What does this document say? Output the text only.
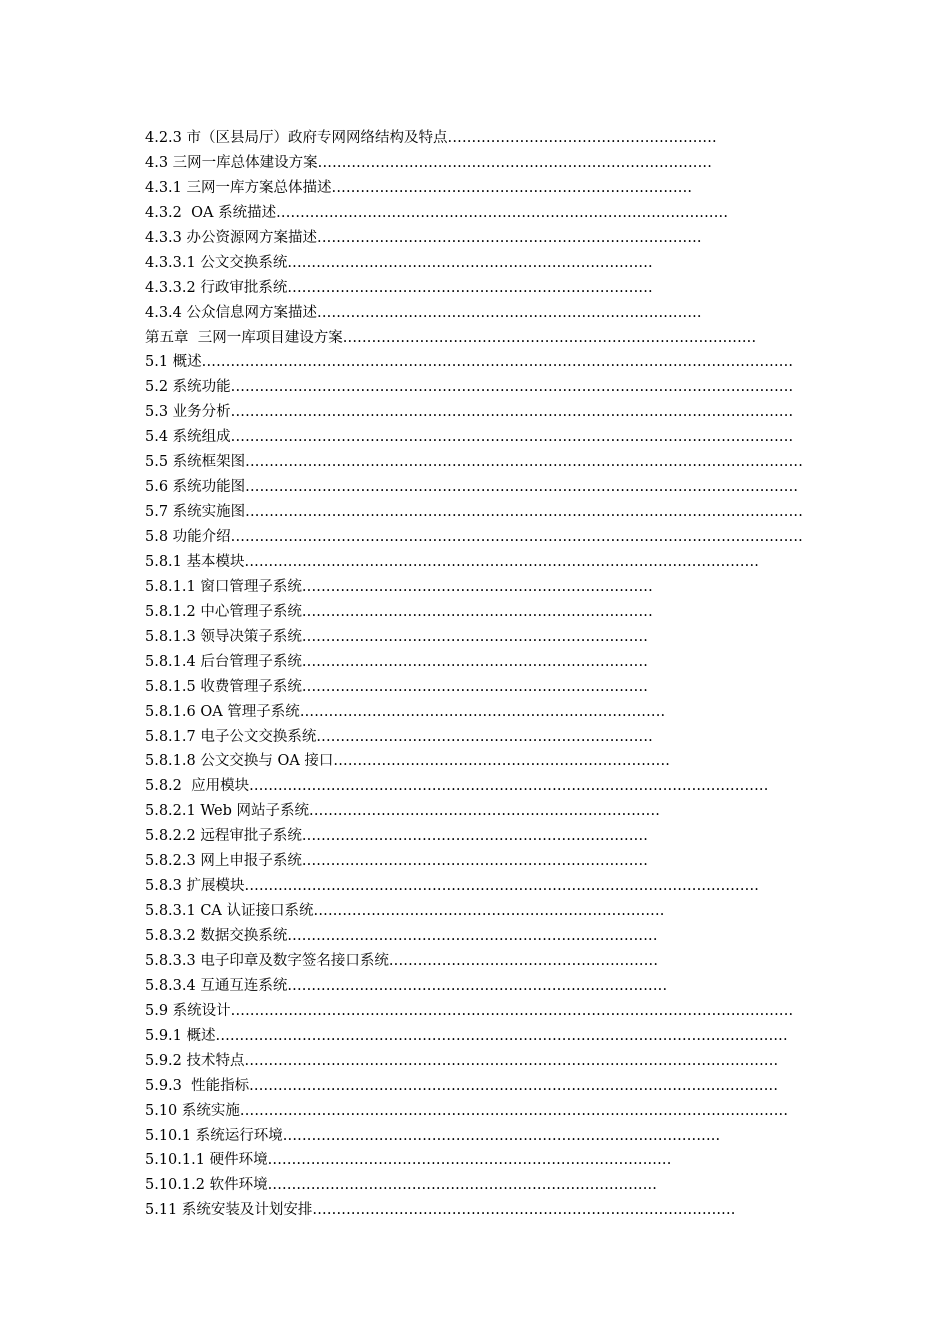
4.2.3 市（区县局厅）政府专网网络结构及特点........................................................
4.3 三网一库总体建设方案..................................................................................
4.3.1 三网一库方案总体描述...........................................................................
4.3.2  OA 系统描述..............................................................................................
4.3.3 办公资源网方案描述................................................................................
4.3.3.1 公文交换系统............................................................................
4.3.3.2 行政审批系统............................................................................
4.3.4 公众信息网方案描述................................................................................
第五章  三网一库项目建设方案......................................................................................
5.1 概述...........................................................................................................................
5.2 系统功能.....................................................................................................................
5.3 业务分析.....................................................................................................................
5.4 系统组成.....................................................................................................................
5.5 系统框架图....................................................................................................................
5.6 系统功能图...................................................................................................................
5.7 系统实施图....................................................................................................................
5.8 功能介绍.......................................................................................................................
5.8.1 基本模块...........................................................................................................
5.8.1.1 窗口管理子系统.........................................................................
5.8.1.2 中心管理子系统.........................................................................
5.8.1.3 领导决策子系统........................................................................
5.8.1.4 后台管理子系统........................................................................
5.8.1.5 收费管理子系统........................................................................
5.8.1.6 OA 管理子系统............................................................................
5.8.1.7 电子公文交换系统......................................................................
5.8.1.8 公文交换与 OA 接口......................................................................
5.8.2  应用模块............................................................................................................
5.8.2.1 Web 网站子系统.........................................................................
5.8.2.2 远程审批子系统........................................................................
5.8.2.3 网上申报子系统........................................................................
5.8.3 扩展模块...........................................................................................................
5.8.3.1 CA 认证接口系统.........................................................................
5.8.3.2 数据交换系统.............................................................................
5.8.3.3 电子印章及数字签名接口系统........................................................
5.8.3.4 互通互连系统...............................................................................
5.9 系统设计.....................................................................................................................
5.9.1 概述.......................................................................................................................
5.9.2 技术特点...............................................................................................................
5.9.3  性能指标..............................................................................................................
5.10 系统实施..................................................................................................................
5.10.1 系统运行环境...........................................................................................
5.10.1.1 硬件环境....................................................................................
5.10.1.2 软件环境.................................................................................
5.11 系统安装及计划安排........................................................................................
